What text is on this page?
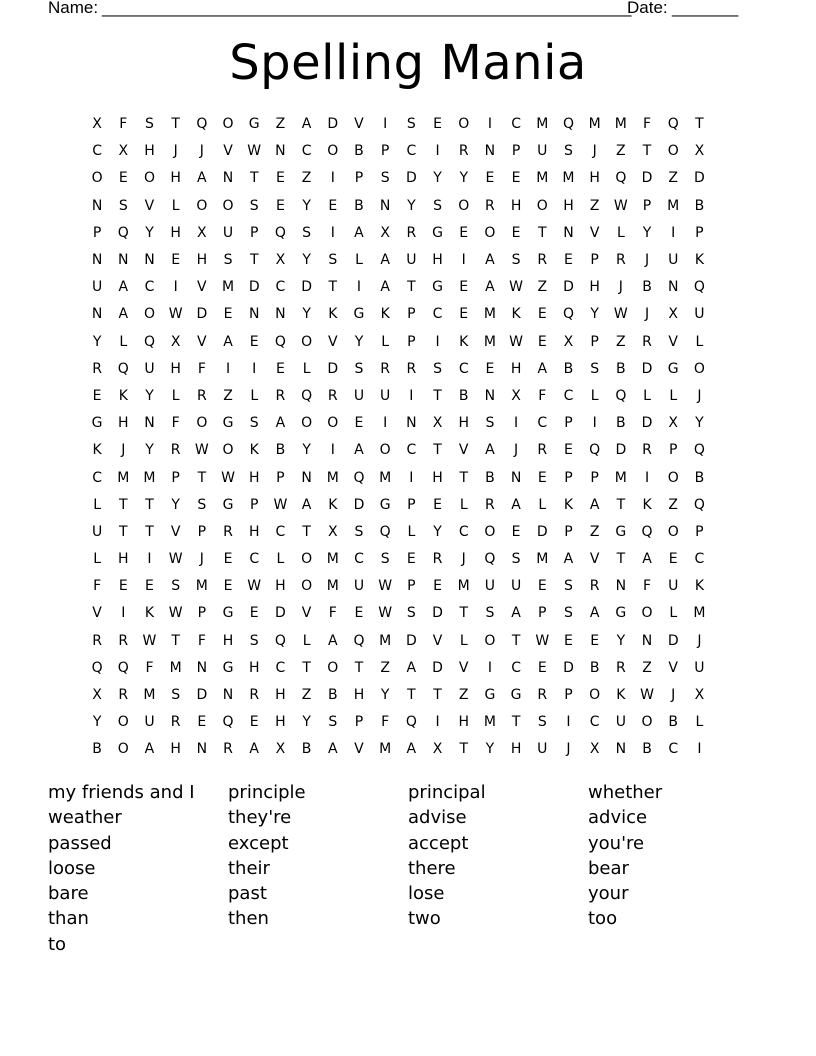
Name: ________________________________________________________
Date: _______
Spelling Mania
X	F	S	T	Q	O	G	Z	A	D	V	I	S	E	O	I	C	M	Q	M	M	F	Q	T
C	X	H	J	J	V	W	N	C	O	B	P	C	I	R	N	P	U	S	J	Z	T	O	X
O	E	O	H	A	N	T	E	Z	I	P	S	D	Y	Y	E	E	M	M	H	Q	D	Z	D
N	S	V	L	O	O	S	E	Y	E	B	N	Y	S	O	R	H	O	H	Z	W	P	M	B
P	Q	Y	H	X	U	P	Q	S	I	A	X	R	G	E	O	E	T	N	V	L	Y	I	P
N	N	N	E	H	S	T	X	Y	S	L	A	U	H	I	A	S	R	E	P	R	J	U	K
U	A	C	I	V	M	D	C	D	T	I	A	T	G	E	A	W	Z	D	H	J	B	N	Q
N	A	O W D	E	N	N	Y	K	G	K	P	C	E	M	K	E	Q	Y	W	J	X	U
Y	L	Q	X	V	A	E	Q	O	V	Y	L	P	I	K	M W	E	X	P	Z	R	V	L
R	Q	U	H	F	I	I	E	L	D	S	R	R	S	C	E	H	A	B	S	B	D	G	O
E	K	Y	L	R	Z	L	R	Q	R	U	U	I	T	B	N	X	F	C	L	Q	L	L	J
G	H	N	F	O	G	S	A	O	O	E	I	N	X	H	S	I	C	P	I	B	D	X	Y
K	J	Y	R	W O	K	B	Y	I	A	O	C	T	V	A	J	R	E	Q	D	R	P	Q
C	M	M	P	T	W	H	P	N	M	Q	M	I	H	T	B	N	E	P	P	M	I	O	B
L	T	T	Y	S	G	P	W	A	K	D	G	P	E	L	R	A	L	K	A	T	K	Z	Q
U	T	T	V	P	R	H	C	T	X	S	Q	L	Y	C	O	E	D	P	Z	G	Q	O	P
L	H	I	W	J	E	C	L	O	M	C	S	E	R	J	Q	S	M	A	V	T	A	E	C
F	E	E	S	M	E	W	H	O	M	U	W	P	E	M	U	U	E	S	R	N	F	U	K
V	I	K	W	P	G	E	D	V	F	E	W	S	D	T	S	A	P	S	A	G	O	L	M
R	R	W	T	F	H	S	Q	L	A	Q	M	D	V	L	O	T	W	E	E	Y	N	D	J
Q	Q	F	M	N	G	H	C	T	O	T	Z	A	D	V	I	C	E	D	B	R	Z	V	U
X	R	M	S	D	N	R	H	Z	B	H	Y	T	T	Z	G	G	R	P	O	K	W	J	X
Y	O	U	R	E	Q	E	H	Y	S	P	F	Q	I	H	M	T	S	I	C	U	O	B	L
B	O	A	H	N	R	A	X	B	A	V	M	A	X	T	Y	H	U	J	X	N	B	C	I
my friends and I	principle	principal	whether
weather	they're	advise	advice
passed	except	accept	you're
loose	their	there	bear
bare	past	lose	your
than	then	two	too
to
